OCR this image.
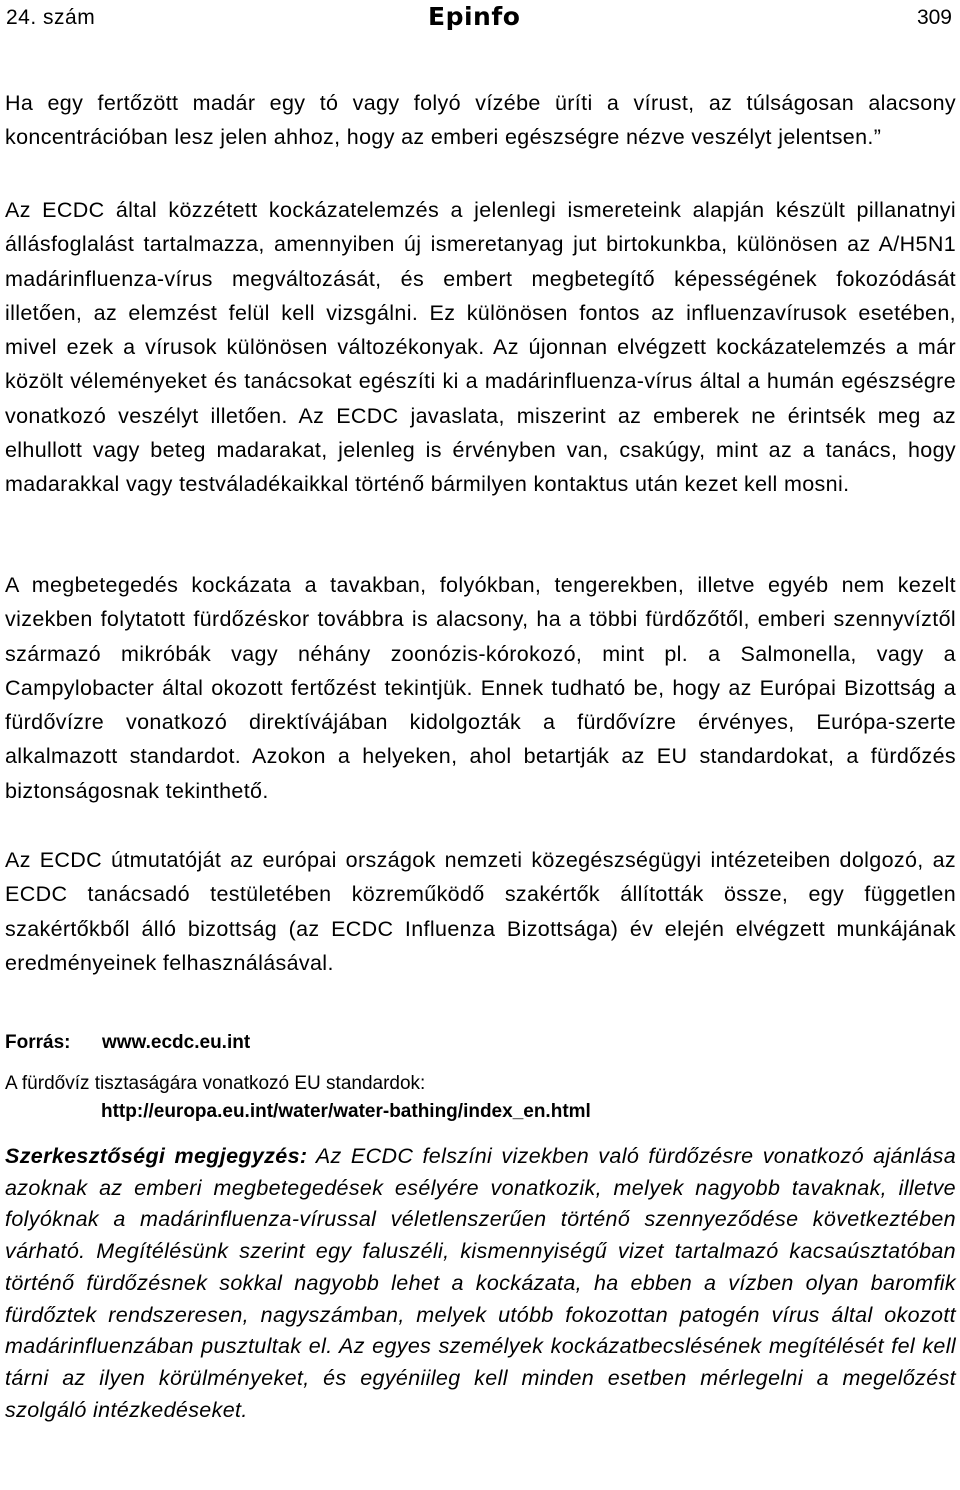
24. szám	Epinfo	309

Ha egy fertőzött madár egy tó vagy folyó vízébe üríti a vírust, az túlságosan alacsony koncentrációban lesz jelen ahhoz, hogy az emberi egészségre nézve veszélyt jelentsen.”

Az ECDC által közzétett kockázatelemzés a jelenlegi ismereteink alapján készült pillanatnyi állásfoglalást tartalmazza, amennyiben új ismeretanyag jut birtokunkba, különösen az A/H5N1 madárinfluenza-vírus megváltozását, és embert megbetegítő képességének fokozódását illetően, az elemzést felül kell vizsgálni. Ez különösen fontos az influenzavírusok esetében, mivel ezek a vírusok különösen változékonyak. Az újonnan elvégzett kockázatelemzés a már közölt véleményeket és tanácsokat egészíti ki a madárinfluenza-vírus által a humán egészségre vonatkozó veszélyt illetően. Az ECDC javaslata, miszerint az emberek ne érintsék meg az elhullott vagy beteg madarakat, jelenleg is érvényben van, csakúgy, mint az a tanács, hogy madarakkal vagy testváladékaikkal történő bármilyen kontaktus után kezet kell mosni.

A megbetegedés kockázata a tavakban, folyókban, tengerekben, illetve egyéb nem kezelt vizekben folytatott fürdőzéskor továbbra is alacsony, ha a többi fürdőzőtől, emberi szennyvíztől származó mikróbák vagy néhány zoonózis-kórokozó, mint pl. a Salmonella, vagy a Campylobacter által okozott fertőzést tekintjük. Ennek tudható be, hogy az Európai Bizottság a fürdővízre vonatkozó direktívájában kidolgozták a fürdővízre érvényes, Európa-szerte alkalmazott standardot. Azokon a helyeken, ahol betartják az EU standardokat, a fürdőzés biztonságosnak tekinthető.

Az ECDC útmutatóját az európai országok nemzeti közegészségügyi intézeteiben dolgozó, az ECDC tanácsadó testületében közreműködő szakértők állították össze, egy független szakértőkből álló bizottság (az ECDC Influenza Bizottsága) év elején elvégzett munkájának eredményeinek felhasználásával.

Forrás: www.ecdc.eu.int
A fürdővíz tisztaságára vonatkozó EU standardok:
http://europa.eu.int/water/water-bathing/index_en.html

Szerkesztőségi megjegyzés: Az ECDC felszíni vizekben való fürdőzésre vonatkozó ajánlása azoknak az emberi megbetegedések esélyére vonatkozik, melyek nagyobb tavaknak, illetve folyóknak a madárinfluenza-vírussal véletlenszerűen történő szennyeződése következtében várható. Megítélésünk szerint egy faluszéli, kismennyiségű vizet tartalmazó kacsaúsztatóban történő fürdőzésnek sokkal nagyobb lehet a kockázata, ha ebben a vízben olyan baromfik fürdőztek rendszeresen, nagyszámban, melyek utóbb fokozottan patogén vírus által okozott madárinfluenzában pusztultak el. Az egyes személyek kockázatbecslésének megítélését fel kell tárni az ilyen körülményeket, és egyéniileg kell minden esetben mérlegelni a megelőzést szolgáló intézkedéseket.
